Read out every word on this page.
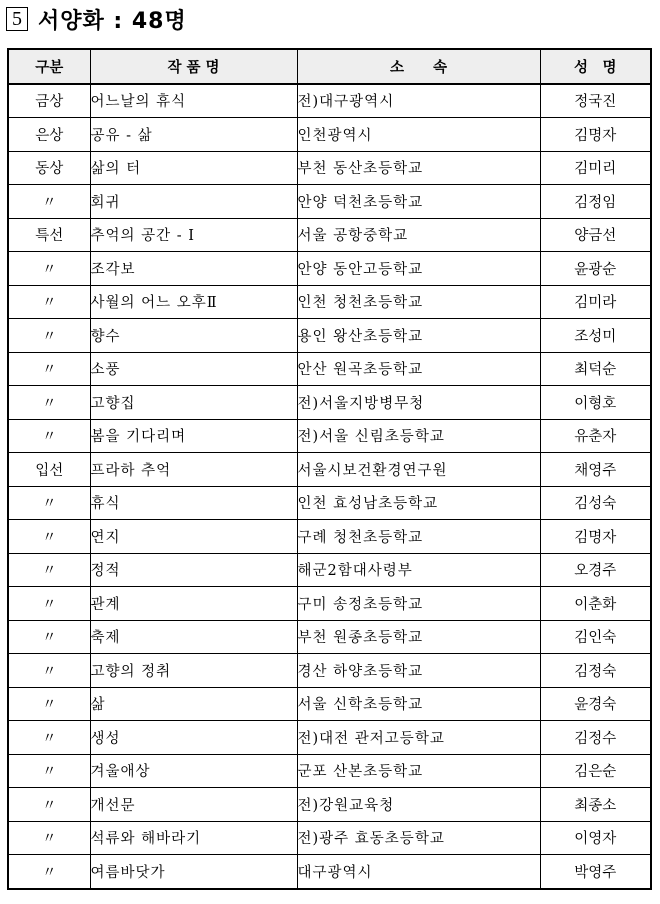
5 서양화 : 48명
구분	작 품 명	소　　속	성　명
금상	어느날의 휴식	전)대구광역시	정국진
은상	공유 - 삶	인천광역시	김명자
동상	삶의 터	부천 동산초등학교	김미리
〃	회귀	안양 덕천초등학교	김정임
특선	추억의 공간 - Ⅰ	서울 공항중학교	양금선
〃	조각보	안양 동안고등학교	윤광순
〃	사월의 어느 오후Ⅱ	인천 청천초등학교	김미라
〃	향수	용인 왕산초등학교	조성미
〃	소풍	안산 원곡초등학교	최덕순
〃	고향집	전)서울지방병무청	이형호
〃	봄을 기다리며	전)서울 신림초등학교	유춘자
입선	프라하 추억	서울시보건환경연구원	채영주
〃	휴식	인천 효성남초등학교	김성숙
〃	연지	구례 청천초등학교	김명자
〃	정적	해군2함대사령부	오경주
〃	관계	구미 송정초등학교	이춘화
〃	축제	부천 원종초등학교	김인숙
〃	고향의 정취	경산 하양초등학교	김정숙
〃	삶	서울 신학초등학교	윤경숙
〃	생성	전)대전 관저고등학교	김정수
〃	겨울애상	군포 산본초등학교	김은순
〃	개선문	전)강원교육청	최종소
〃	석류와 해바라기	전)광주 효동초등학교	이영자
〃	여름바닷가	대구광역시	박영주
